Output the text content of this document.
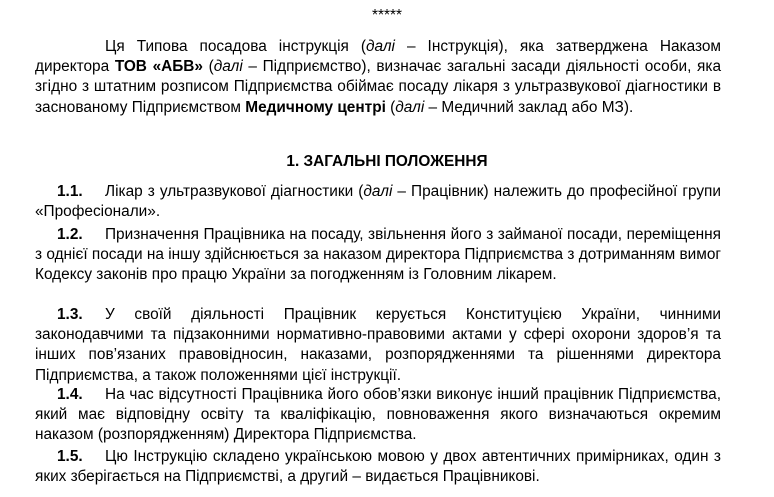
*****
Ця Типова посадова інструкція (далі – Інструкція), яка затверджена Наказом директора ТОВ «АБВ» (далі – Підприємство), визначає загальні засади діяльності особи, яка згідно з штатним розписом Підприємства обіймає посаду лікаря з ультразвукової діагностики в заснованому Підприємством Медичному центрі (далі – Медичний заклад або МЗ).
1. ЗАГАЛЬНІ ПОЛОЖЕННЯ
1.1. Лікар з ультразвукової діагностики (далі – Працівник) належить до професійної групи «Професіонали».
1.2. Призначення Працівника на посаду, звільнення його з займаної посади, переміщення з однієї посади на іншу здійснюється за наказом директора Підприємства з дотриманням вимог Кодексу законів про працю України за погодженням із Головним лікарем.
1.3. У своїй діяльності Працівник керується Конституцією України, чинними законодавчими та підзаконними нормативно-правовими актами у сфері охорони здоров’я та інших пов’язаних правовідносин, наказами, розпорядженнями та рішеннями директора Підприємства, а також положеннями цієї інструкції.
1.4. На час відсутності Працівника його обов’язки виконує інший працівник Підприємства, який має відповідну освіту та кваліфікацію, повноваження якого визначаються окремим наказом (розпорядженням) Директора Підприємства.
1.5. Цю Інструкцію складено українською мовою у двох автентичних примірниках, один з яких зберігається на Підприємстві, а другий – видається Працівникові.
